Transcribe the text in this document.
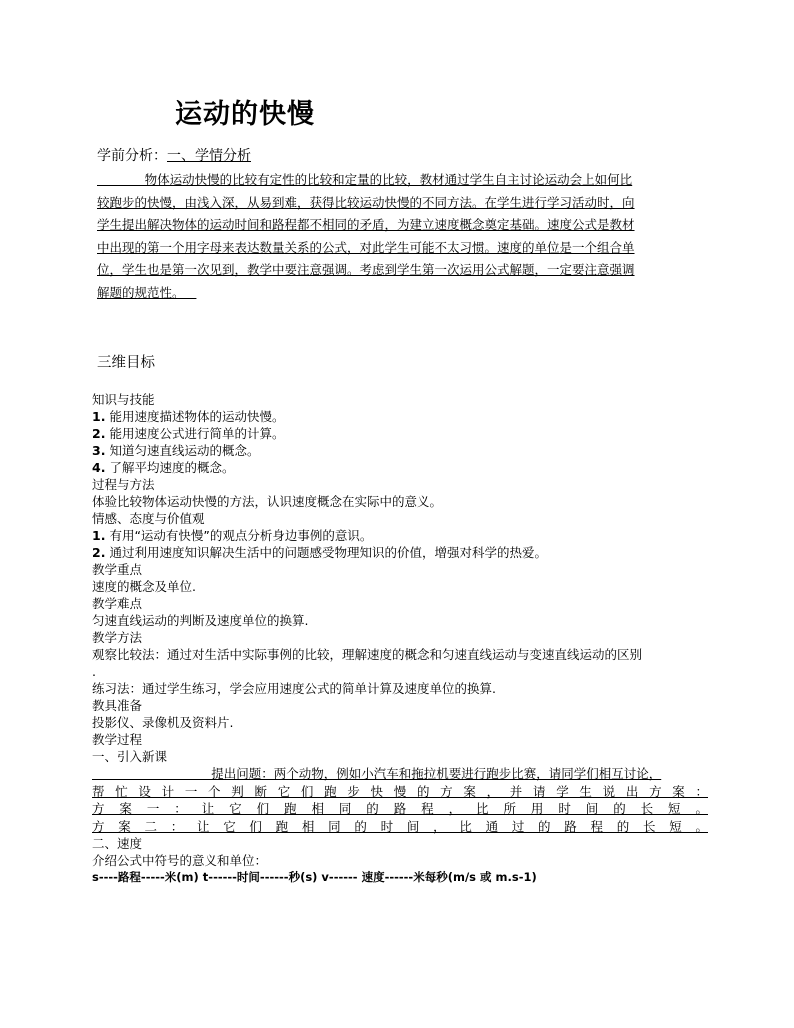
运动的快慢
学前分析：一、学情分析
物体运动快慢的比较有定性的比较和定量的比较，教材通过学生自主讨论运动会上如何比
较跑步的快慢，由浅入深，从易到难，获得比较运动快慢的不同方法。在学生进行学习活动时，向
学生提出解决物体的运动时间和路程都不相同的矛盾，为建立速度概念奠定基础。速度公式是教材
中出现的第一个用字母来表达数量关系的公式，对此学生可能不太习惯。速度的单位是一个组合单
位，学生也是第一次见到，教学中要注意强调。考虑到学生第一次运用公式解题，一定要注意强调
解题的规范性。
三维目标
知识与技能
1. 能用速度描述物体的运动快慢。
2. 能用速度公式进行简单的计算。
3. 知道匀速直线运动的概念。
4. 了解平均速度的概念。
过程与方法
体验比较物体运动快慢的方法，认识速度概念在实际中的意义。
情感、态度与价值观
1. 有用“运动有快慢”的观点分析身边事例的意识。
2. 通过利用速度知识解决生活中的问题感受物理知识的价值，增强对科学的热爱。
教学重点
速度的概念及单位.
教学难点
匀速直线运动的判断及速度单位的换算.
教学方法
观察比较法：通过对生活中实际事例的比较，理解速度的概念和匀速直线运动与变速直线运动的区别
.
练习法：通过学生练习，学会应用速度公式的简单计算及速度单位的换算.
教具准备
投影仪、录像机及资料片.
教学过程
一、引入新课
提出问题：两个动物，例如小汽车和拖拉机要进行跑步比赛，请同学们相互讨论，
帮忙设计一个判断它们跑步快慢的方案，并请学生说出方案：
方案一：让它们跑相同的路程，比所用时间的长短。
方案二：让它们跑相同的时间，比通过的路程的长短。
二、速度
介绍公式中符号的意义和单位：
s----路程-----米(m) t------时间------秒(s) v------ 速度------米每秒(m/s 或 m.s-1)
